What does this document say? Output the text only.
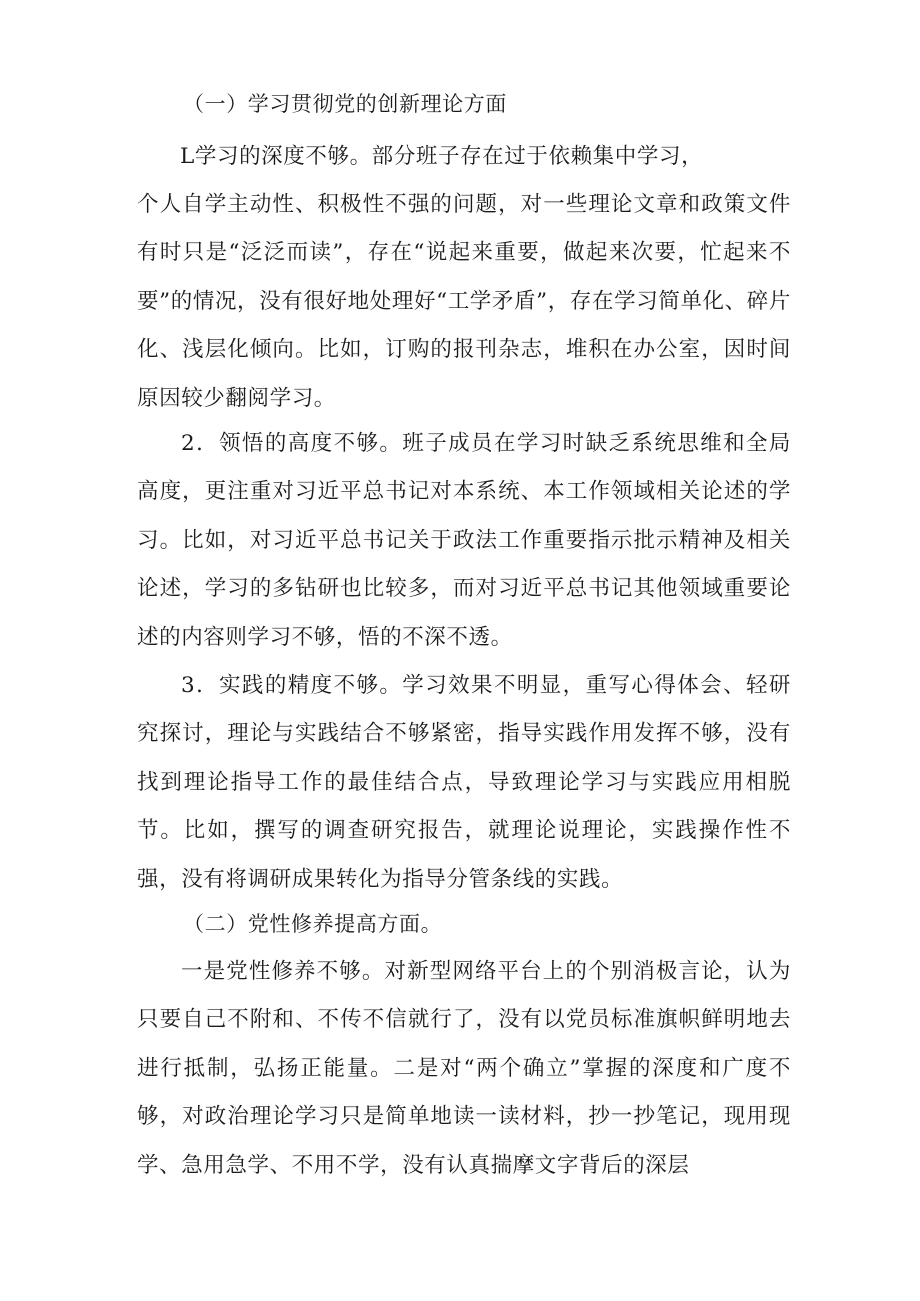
（一）学习贯彻党的创新理论方面

L学习的深度不够。部分班子存在过于依赖集中学习，

个人自学主动性、积极性不强的问题，对一些理论文章和政策文件有时只是“泛泛而读”，存在“说起来重要，做起来次要，忙起来不要”的情况，没有很好地处理好“工学矛盾”，存在学习简单化、碎片化、浅层化倾向。比如，订购的报刊杂志，堆积在办公室，因时间原因较少翻阅学习。

2．领悟的高度不够。班子成员在学习时缺乏系统思维和全局高度，更注重对习近平总书记对本系统、本工作领域相关论述的学习。比如，对习近平总书记关于政法工作重要指示批示精神及相关论述，学习的多钻研也比较多，而对习近平总书记其他领域重要论述的内容则学习不够，悟的不深不透。

3．实践的精度不够。学习效果不明显，重写心得体会、轻研究探讨，理论与实践结合不够紧密，指导实践作用发挥不够，没有找到理论指导工作的最佳结合点，导致理论学习与实践应用相脱节。比如，撰写的调查研究报告，就理论说理论，实践操作性不强，没有将调研成果转化为指导分管条线的实践。

（二）党性修养提高方面。

一是党性修养不够。对新型网络平台上的个别消极言论，认为只要自己不附和、不传不信就行了，没有以党员标准旗帜鲜明地去进行抵制，弘扬正能量。二是对“两个确立”掌握的深度和广度不够，对政治理论学习只是简单地读一读材料，抄一抄笔记，现用现学、急用急学、不用不学，没有认真揣摩文字背后的深层
